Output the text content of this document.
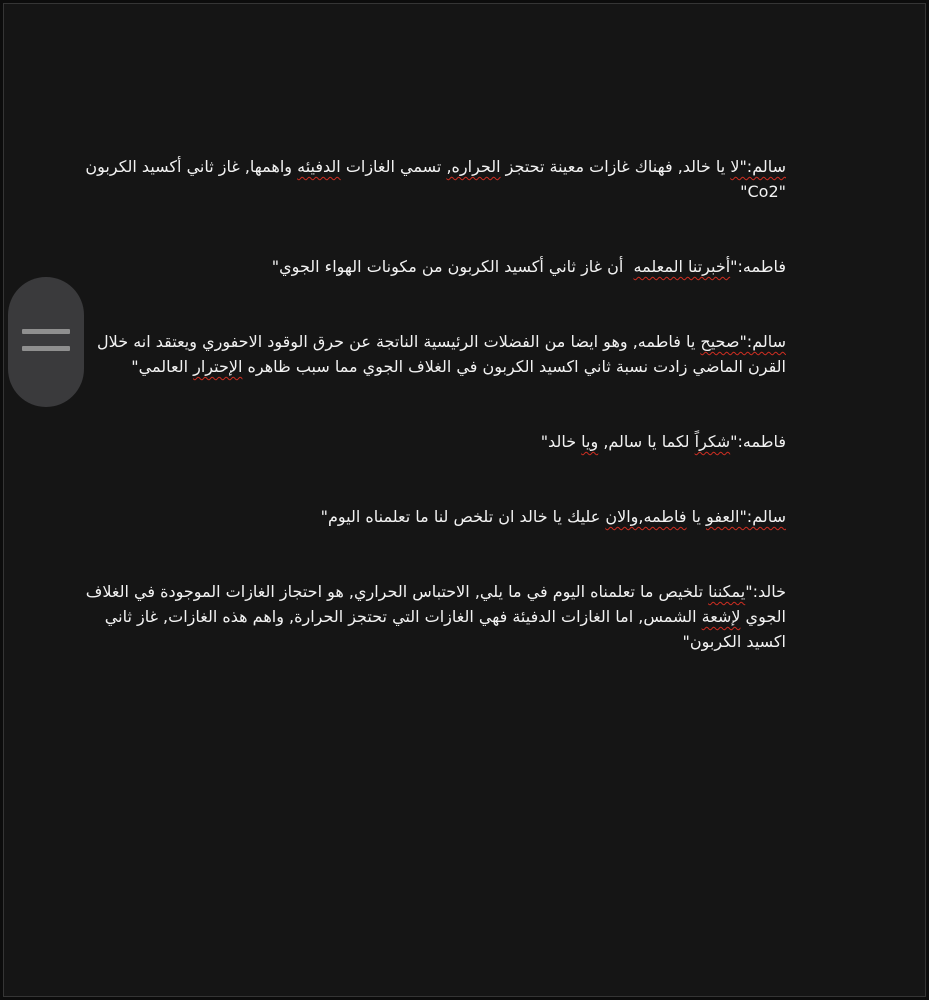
سالم:"لا يا خالد, فهناك غازات معينة تحتجز الحراره, تسمي الغازات الدفيئه واهمها, غاز ثاني أكسيد الكربون
"Co2"
فاطمه:"أخبرتنا المعلمه  أن غاز ثاني أكسيد الكربون من مكونات الهواء الجوي"
سالم:"صحيح يا فاطمه, وهو ايضا من الفضلات الرئيسية الناتجة عن حرق الوقود الاحفوري ويعتقد انه خلال
القرن الماضي زادت نسبة ثاني اكسيد الكربون في الغلاف الجوي مما سبب ظاهره الإحترار العالمي"
فاطمه:"شكراً لكما يا سالم, ويا خالد"
سالم:"العفو يا فاطمه,والان عليك يا خالد ان تلخص لنا ما تعلمناه اليوم"
خالد:"يمكننا تلخيص ما تعلمناه اليوم في ما يلي, الاحتباس الحراري, هو احتجاز الغازات الموجودة في الغلاف
الجوي لإشعة الشمس, اما الغازات الدفيئة فهي الغازات التي تحتجز الحرارة, واهم هذه الغازات, غاز ثاني
اكسيد الكربون"
